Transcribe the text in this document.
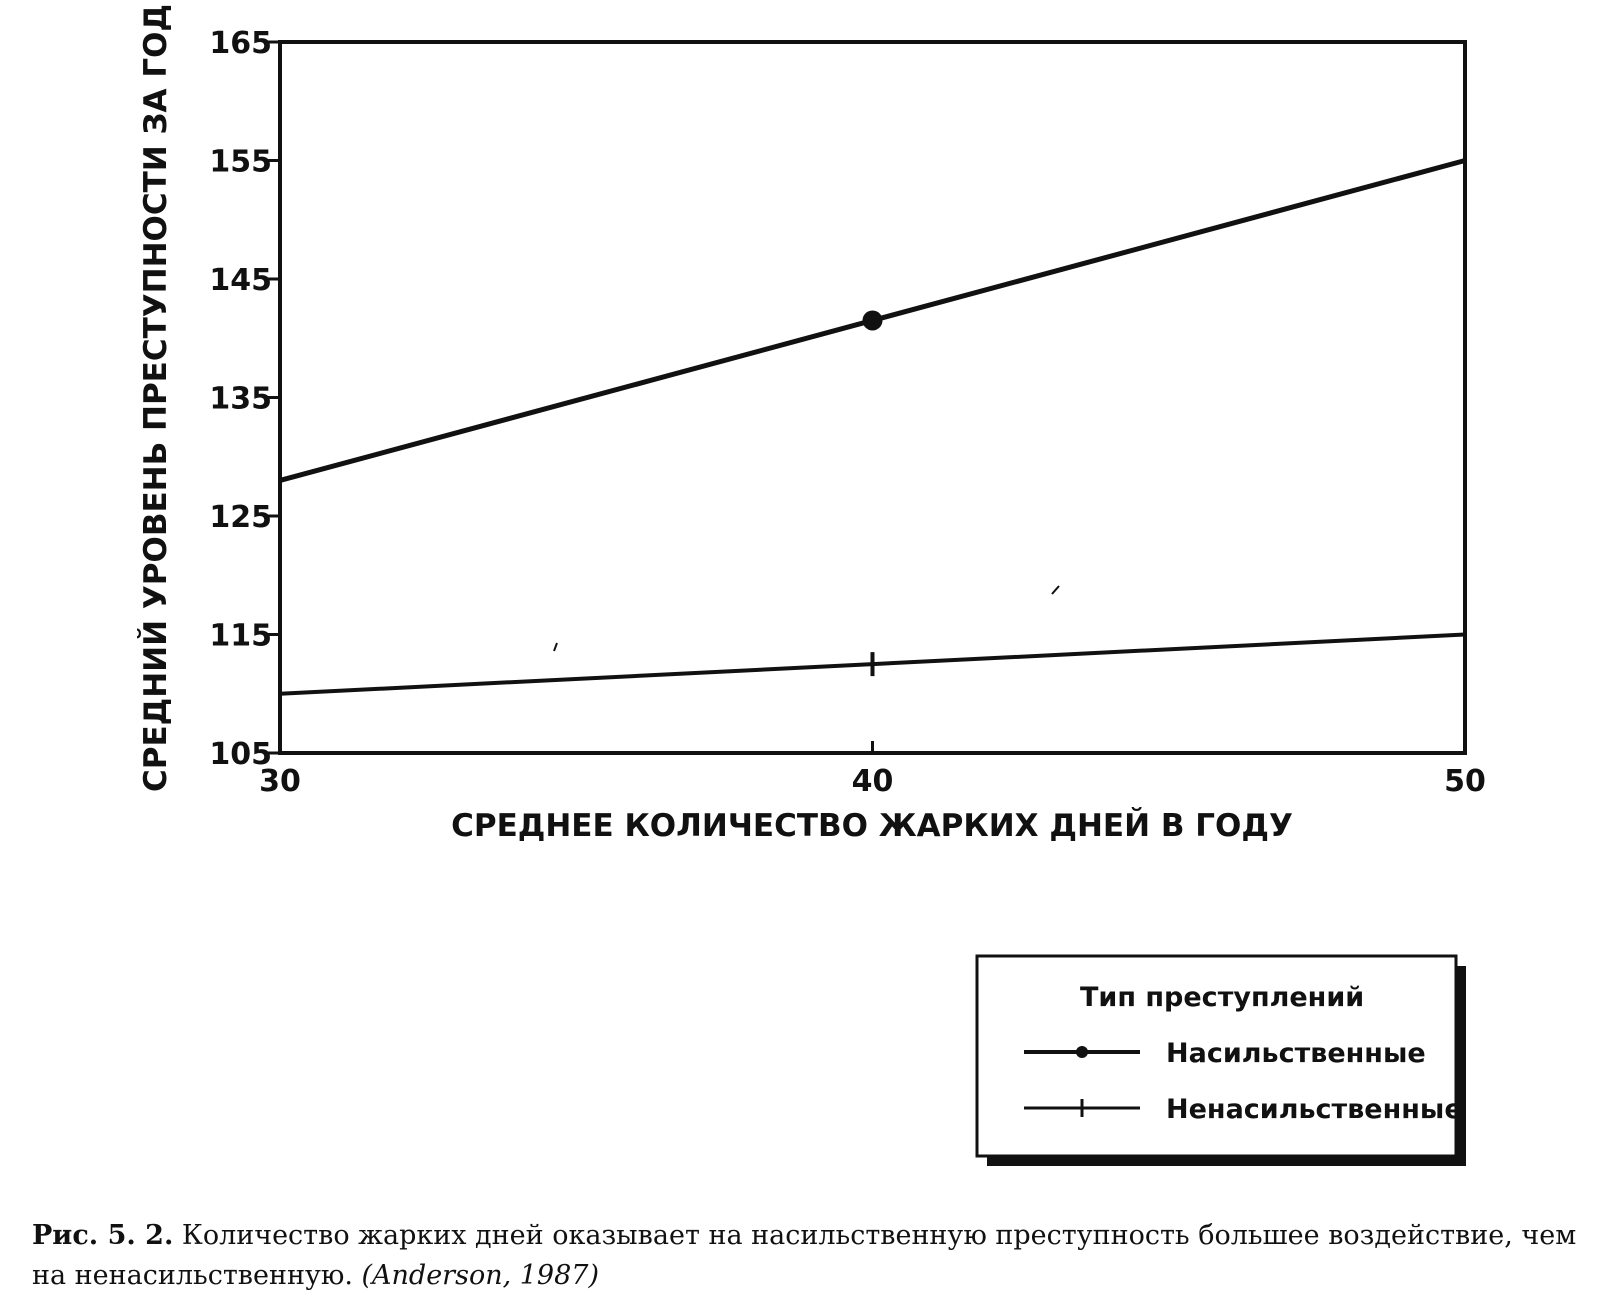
105
115
125
135
145
155
165
30	40	50
СРЕДНЕЕ КОЛИЧЕСТВО ЖАРКИХ ДНЕЙ В ГОДУ
СРЕДНИЙ УРОВЕНЬ ПРЕСТУПНОСТИ ЗА ГОД
Тип преступлений
Насильственные
Ненасильственные
Рис. 5. 2. Количество жарких дней оказывает на насильственную преступность большее воздействие, чем на ненасильственную. (Anderson, 1987)
